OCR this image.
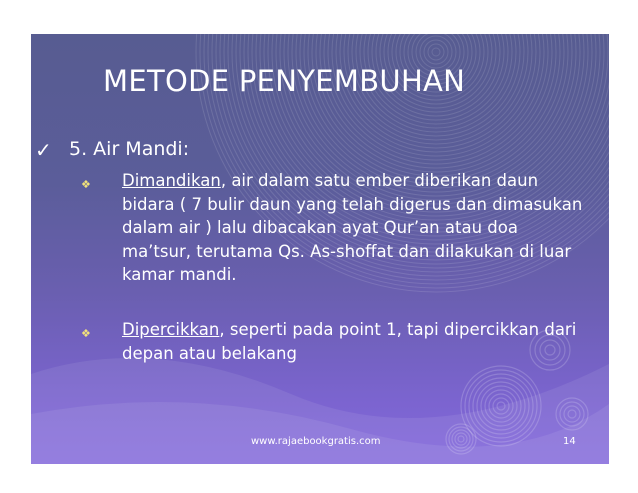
METODE PENYEMBUHAN
✓ 5. Air Mandi:
❖ Dimandikan, air dalam satu ember diberikan daun bidara ( 7 bulir daun yang telah digerus dan dimasukan dalam air ) lalu dibacakan ayat Qur’an atau doa ma’tsur, terutama Qs. As-shoffat dan dilakukan di luar kamar mandi.
❖ Dipercikkan, seperti pada point 1, tapi dipercikkan dari depan atau belakang
www.rajaebookgratis.com	14
